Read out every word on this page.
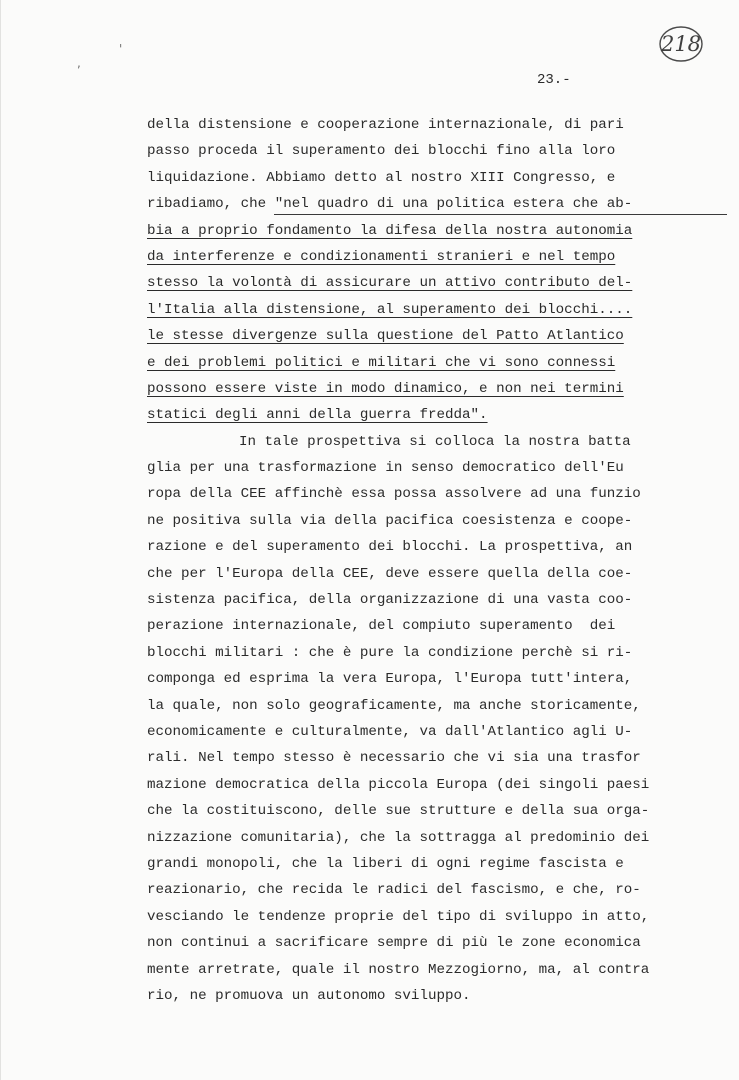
218
'
,
23.-
della distensione e cooperazione internazionale, di pari
passo proceda il superamento dei blocchi fino alla loro
liquidazione. Abbiamo detto al nostro XIII Congresso, e
ribadiamo, che "nel quadro di una politica estera che ab-
bia a proprio fondamento la difesa della nostra autonomia
da interferenze e condizionamenti stranieri e nel tempo
stesso la volontà di assicurare un attivo contributo del-
l'Italia alla distensione, al superamento dei blocchi....
le stesse divergenze sulla questione del Patto Atlantico
e dei problemi politici e militari che vi sono connessi
possono essere viste in modo dinamico, e non nei termini
statici degli anni della guerra fredda".
In tale prospettiva si colloca la nostra batta
glia per una trasformazione in senso democratico dell'Eu
ropa della CEE affinchè essa possa assolvere ad una funzio
ne positiva sulla via della pacifica coesistenza e coope-
razione e del superamento dei blocchi. La prospettiva, an
che per l'Europa della CEE, deve essere quella della coe-
sistenza pacifica, della organizzazione di una vasta coo-
perazione internazionale, del compiuto superamento  dei
blocchi militari : che è pure la condizione perchè si ri-
componga ed esprima la vera Europa, l'Europa tutt'intera,
la quale, non solo geograficamente, ma anche storicamente,
economicamente e culturalmente, va dall'Atlantico agli U-
rali. Nel tempo stesso è necessario che vi sia una trasfor
mazione democratica della piccola Europa (dei singoli paesi
che la costituiscono, delle sue strutture e della sua orga-
nizzazione comunitaria), che la sottragga al predominio dei
grandi monopoli, che la liberi di ogni regime fascista e
reazionario, che recida le radici del fascismo, e che, ro-
vesciando le tendenze proprie del tipo di sviluppo in atto,
non continui a sacrificare sempre di più le zone economica
mente arretrate, quale il nostro Mezzogiorno, ma, al contra
rio, ne promuova un autonomo sviluppo.
